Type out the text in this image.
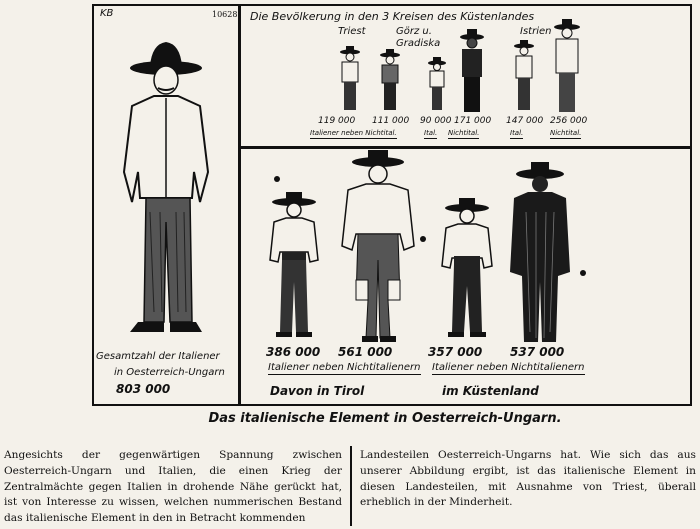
KB	10628
Gesamtzahl der Italiener
in Oesterreich-Ungarn
803 000
Die Bevölkerung in den 3 Kreisen des Küstenlandes
Triest	Görz u. Gradiska
Istrien
119 000 111 000 90 000 171 000 147 000 256 000
Italiener neben Nichtital.	Ital. Nichtital.	Ital.	Nichtital.
386 000 561 000
Italiener neben Nichtitalienern
Davon in Tirol
357 000 537 000
Italiener neben Nichtitalienern
im Küstenland
Das italienische Element in Oesterreich-Ungarn.
Angesichts der gegenwärtigen Spannung zwischen Oesterreich-Ungarn und Italien, die einen Krieg der Zentralmächte gegen Italien in drohende Nähe gerückt hat, ist von Interesse zu wissen, welchen nummerischen Bestand das italienische Element in den in Betracht kommenden
Landesteilen Oesterreich-Ungarns hat. Wie sich das aus unserer Abbildung ergibt, ist das italienische Element in diesen Landesteilen, mit Ausnahme von Triest, überall erheblich in der Minderheit.
